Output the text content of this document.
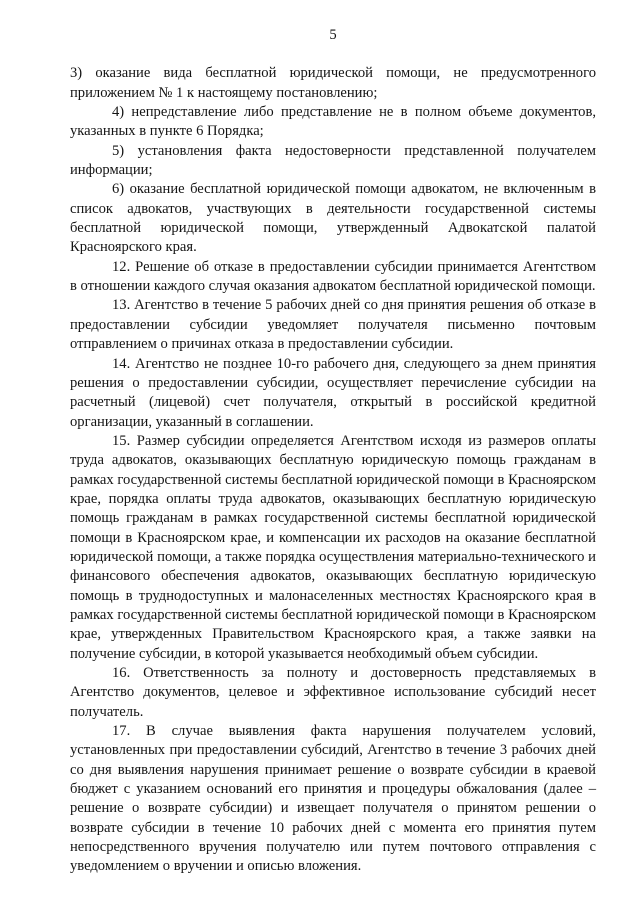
5

3) оказание вида бесплатной юридической помощи, не предусмотренного приложением № 1 к настоящему постановлению;

4) непредставление либо представление не в полном объеме документов, указанных в пункте 6 Порядка;

5) установления факта недостоверности представленной получателем информации;

6) оказание бесплатной юридической помощи адвокатом, не включенным в список адвокатов, участвующих в деятельности государственной системы бесплатной юридической помощи, утвержденный Адвокатской палатой Красноярского края.

12. Решение об отказе в предоставлении субсидии принимается Агентством в отношении каждого случая оказания адвокатом бесплатной юридической помощи.

13. Агентство в течение 5 рабочих дней со дня принятия решения об отказе в предоставлении субсидии уведомляет получателя письменно почтовым отправлением о причинах отказа в предоставлении субсидии.

14. Агентство не позднее 10-го рабочего дня, следующего за днем принятия решения о предоставлении субсидии, осуществляет перечисление субсидии на расчетный (лицевой) счет получателя, открытый в российской кредитной организации, указанный в соглашении.

15. Размер субсидии определяется Агентством исходя из размеров оплаты труда адвокатов, оказывающих бесплатную юридическую помощь гражданам в рамках государственной системы бесплатной юридической помощи в Красноярском крае, порядка оплаты труда адвокатов, оказывающих бесплатную юридическую помощь гражданам в рамках государственной системы бесплатной юридической помощи в Красноярском крае, и компенсации их расходов на оказание бесплатной юридической помощи, а также порядка осуществления материально-технического и финансового обеспечения адвокатов, оказывающих бесплатную юридическую помощь в труднодоступных и малонаселенных местностях Красноярского края в рамках государственной системы бесплатной юридической помощи в Красноярском крае, утвержденных Правительством Красноярского края, а также заявки на получение субсидии, в которой указывается необходимый объем субсидии.

16. Ответственность за полноту и достоверность представляемых в Агентство документов, целевое и эффективное использование субсидий несет получатель.

17. В случае выявления факта нарушения получателем условий, установленных при предоставлении субсидий, Агентство в течение 3 рабочих дней со дня выявления нарушения принимает решение о возврате субсидии в краевой бюджет с указанием оснований его принятия и процедуры обжалования (далее – решение о возврате субсидии) и извещает получателя о принятом решении о возврате субсидии в течение 10 рабочих дней с момента его принятия путем непосредственного вручения получателю или путем почтового отправления с уведомлением о вручении и описью вложения.
